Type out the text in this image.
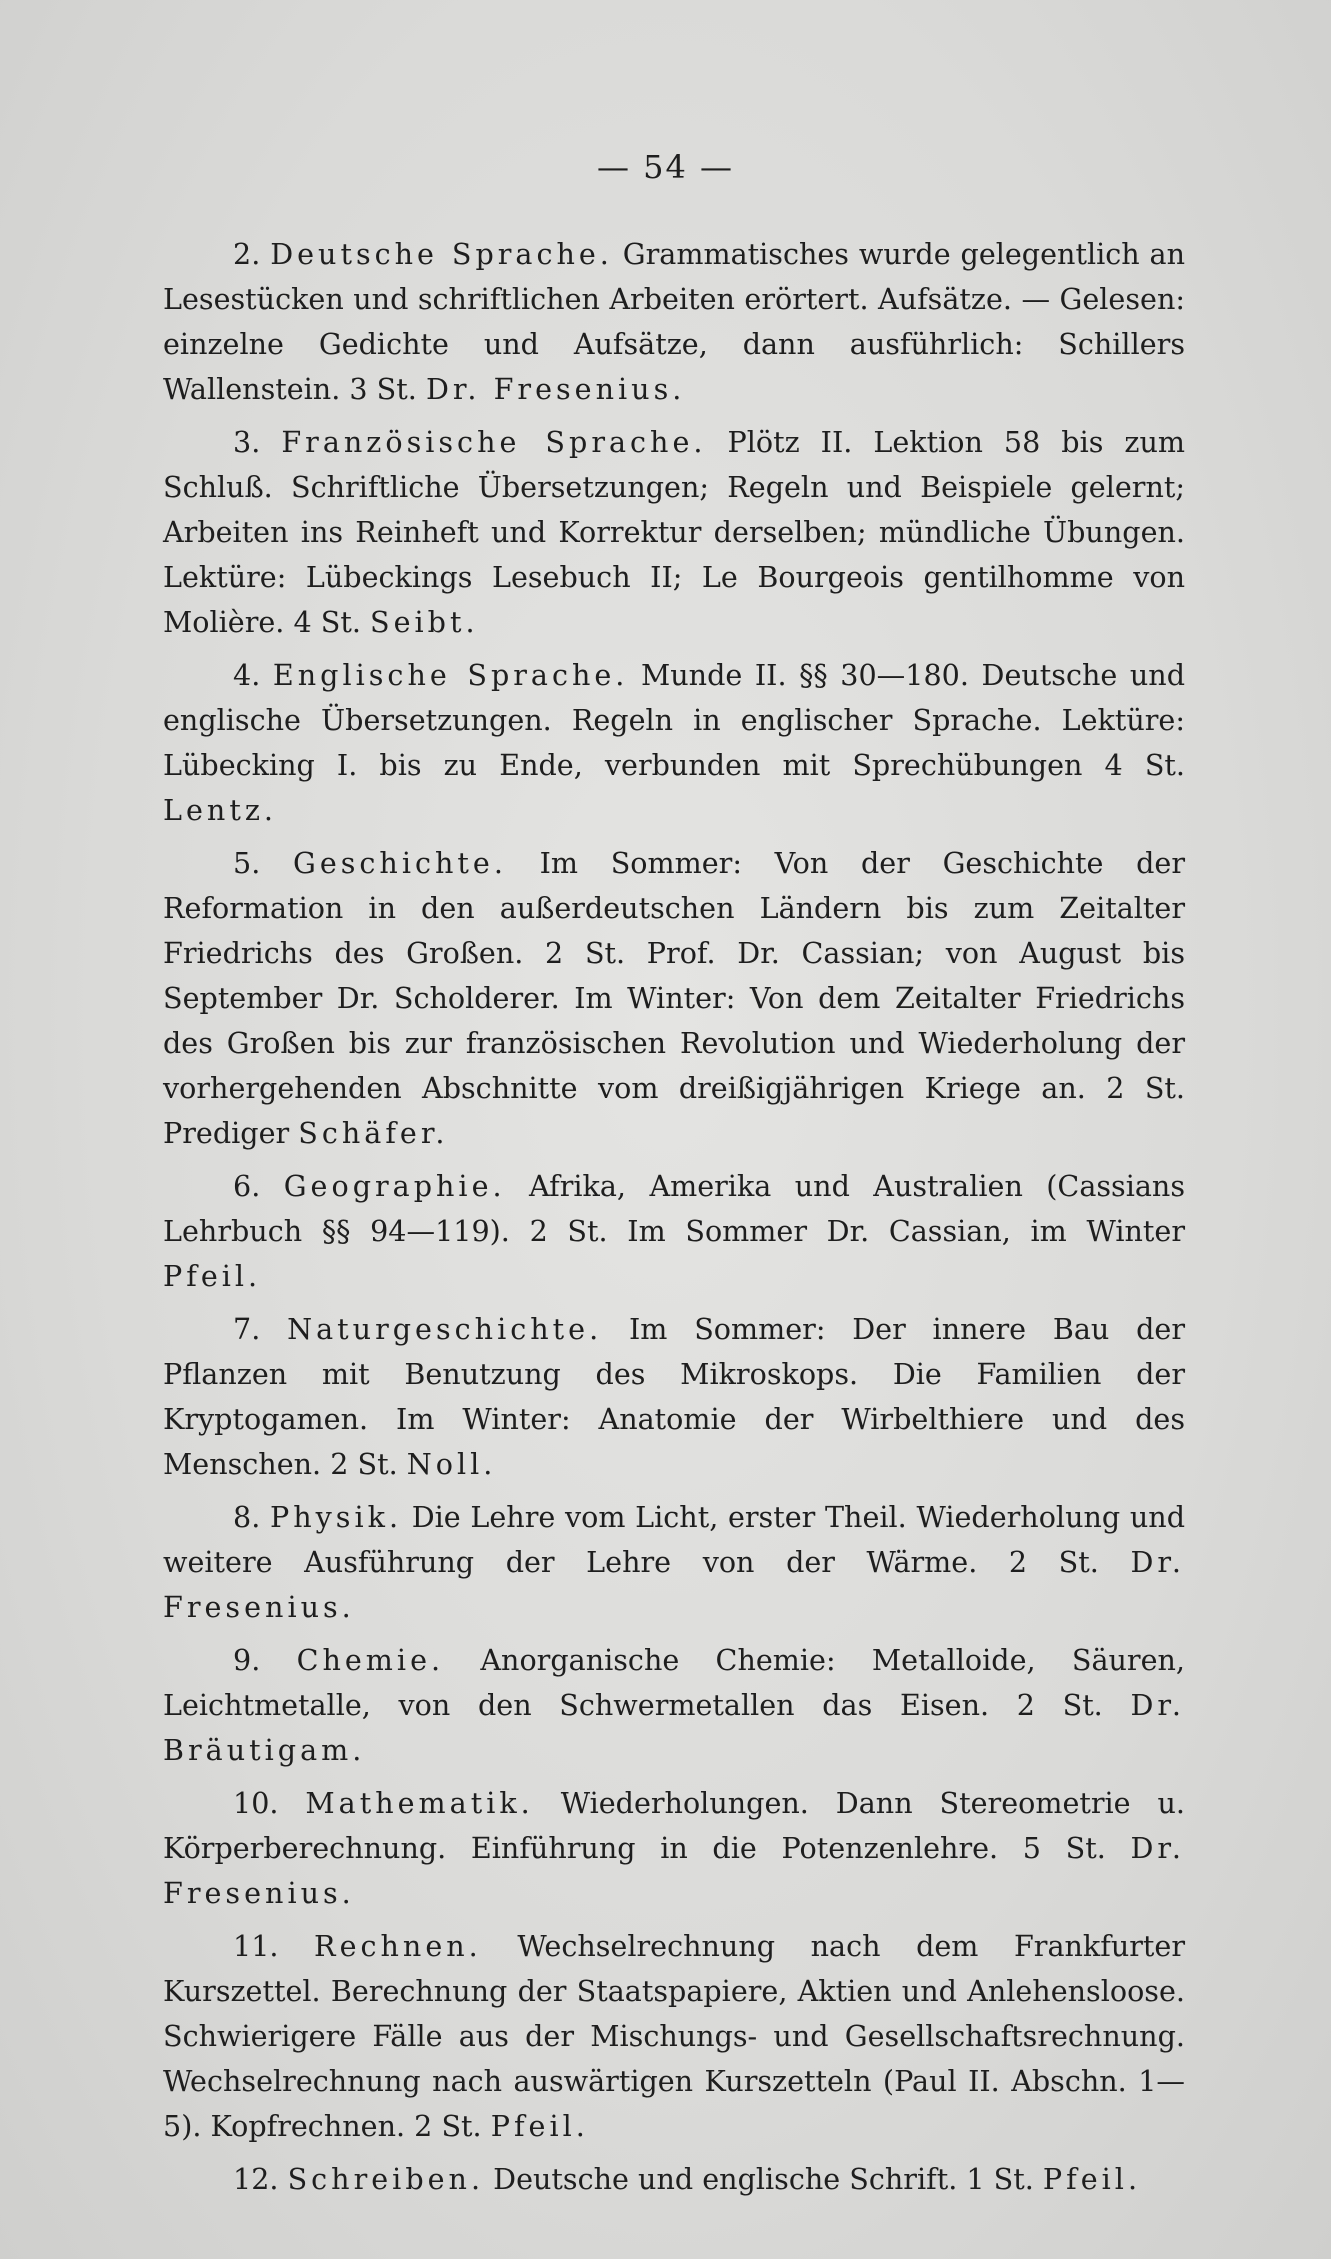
— 54 —

2. Deutsche Sprache. Grammatisches wurde gelegentlich an Lesestücken und schriftlichen Arbeiten erörtert. Aufsätze. — Gelesen: einzelne Gedichte und Aufsätze, dann ausführlich: Schillers Wallenstein. 3 St. Dr. Fresenius.

3. Französische Sprache. Plötz II. Lektion 58 bis zum Schluß. Schriftliche Übersetzungen; Regeln und Beispiele gelernt; Arbeiten ins Reinheft und Korrektur derselben; mündliche Übungen. Lektüre: Lübeckings Lesebuch II; Le Bourgeois gentilhomme von Molière. 4 St. Seibt.

4. Englische Sprache. Munde II. §§ 30—180. Deutsche und englische Übersetzungen. Regeln in englischer Sprache. Lektüre: Lübecking I. bis zu Ende, verbunden mit Sprechübungen 4 St. Lentz.

5. Geschichte. Im Sommer: Von der Geschichte der Reformation in den außerdeutschen Ländern bis zum Zeitalter Friedrichs des Großen. 2 St. Prof. Dr. Cassian; von August bis September Dr. Scholderer. Im Winter: Von dem Zeitalter Friedrichs des Großen bis zur französischen Revolution und Wiederholung der vorhergehenden Abschnitte vom dreißigjährigen Kriege an. 2 St. Prediger Schäfer.

6. Geographie. Afrika, Amerika und Australien (Cassians Lehrbuch §§ 94—119). 2 St. Im Sommer Dr. Cassian, im Winter Pfeil.

7. Naturgeschichte. Im Sommer: Der innere Bau der Pflanzen mit Benutzung des Mikroskops. Die Familien der Kryptogamen. Im Winter: Anatomie der Wirbelthiere und des Menschen. 2 St. Noll.

8. Physik. Die Lehre vom Licht, erster Theil. Wiederholung und weitere Ausführung der Lehre von der Wärme. 2 St. Dr. Fresenius.

9. Chemie. Anorganische Chemie: Metalloide, Säuren, Leichtmetalle, von den Schwermetallen das Eisen. 2 St. Dr. Bräutigam.

10. Mathematik. Wiederholungen. Dann Stereometrie u. Körperberechnung. Einführung in die Potenzenlehre. 5 St. Dr. Fresenius.

11. Rechnen. Wechselrechnung nach dem Frankfurter Kurszettel. Berechnung der Staatspapiere, Aktien und Anlehensloose. Schwierigere Fälle aus der Mischungs- und Gesellschaftsrechnung. Wechselrechnung nach auswärtigen Kurszetteln (Paul II. Abschn. 1—5). Kopfrechnen. 2 St. Pfeil.

12. Schreiben. Deutsche und englische Schrift. 1 St. Pfeil.
